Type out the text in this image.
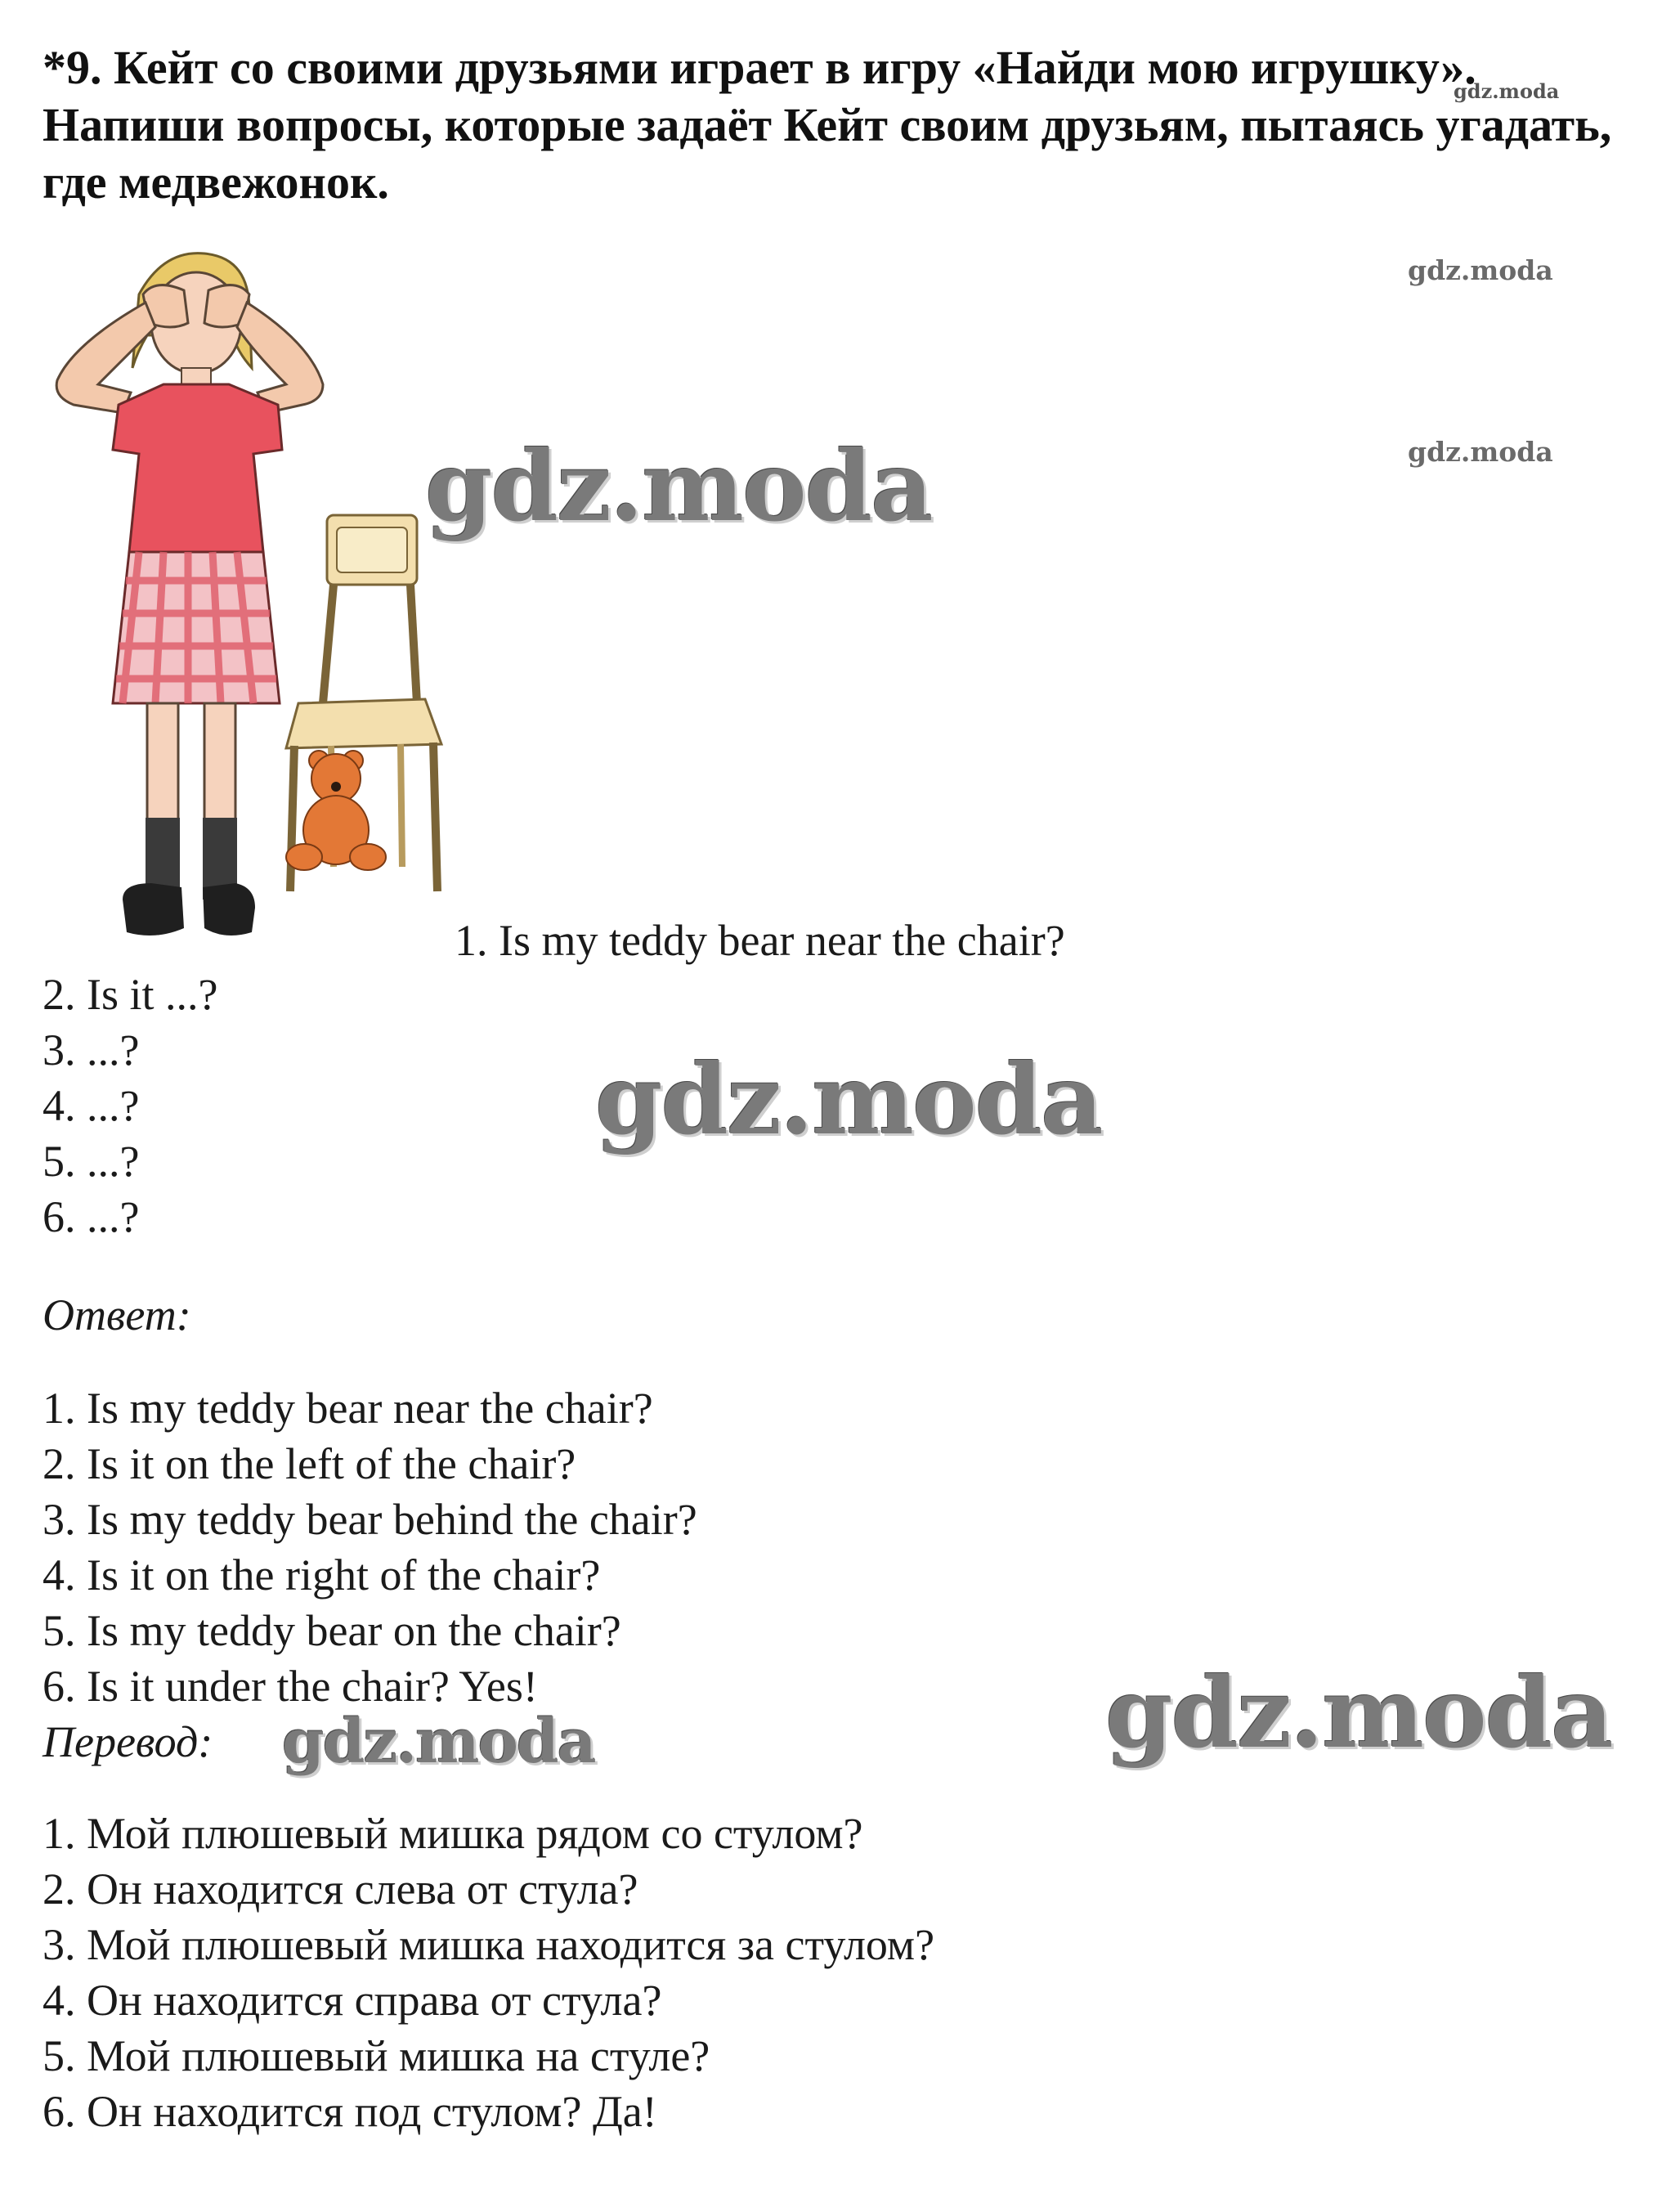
*9. Кейт со своими друзьями играет в игру «Найди мою игрушку».
Напиши вопросы, которые задаёт Кейт своим друзьям, пытаясь угадать,
где медвежонок.
1. Is my teddy bear near the chair?
2. Is it ...?
3. ...?
4. ...?
5. ...?
6. ...?
Ответ:
1. Is my teddy bear near the chair?
2. Is it on the left of the chair?
3. Is my teddy bear behind the chair?
4. Is it on the right of the chair?
5. Is my teddy bear on the chair?
6. Is it under the chair? Yes!
Перевод:
1. Мой плюшевый мишка рядом со стулом?
2. Он находится слева от стула?
3. Мой плюшевый мишка находится за стулом?
4. Он находится справа от стула?
5. Мой плюшевый мишка на стуле?
6. Он находится под стулом? Да!
gdz.moda
gdz.moda
gdz.moda
gdz.moda
gdz.moda
gdz.moda
gdz.moda
